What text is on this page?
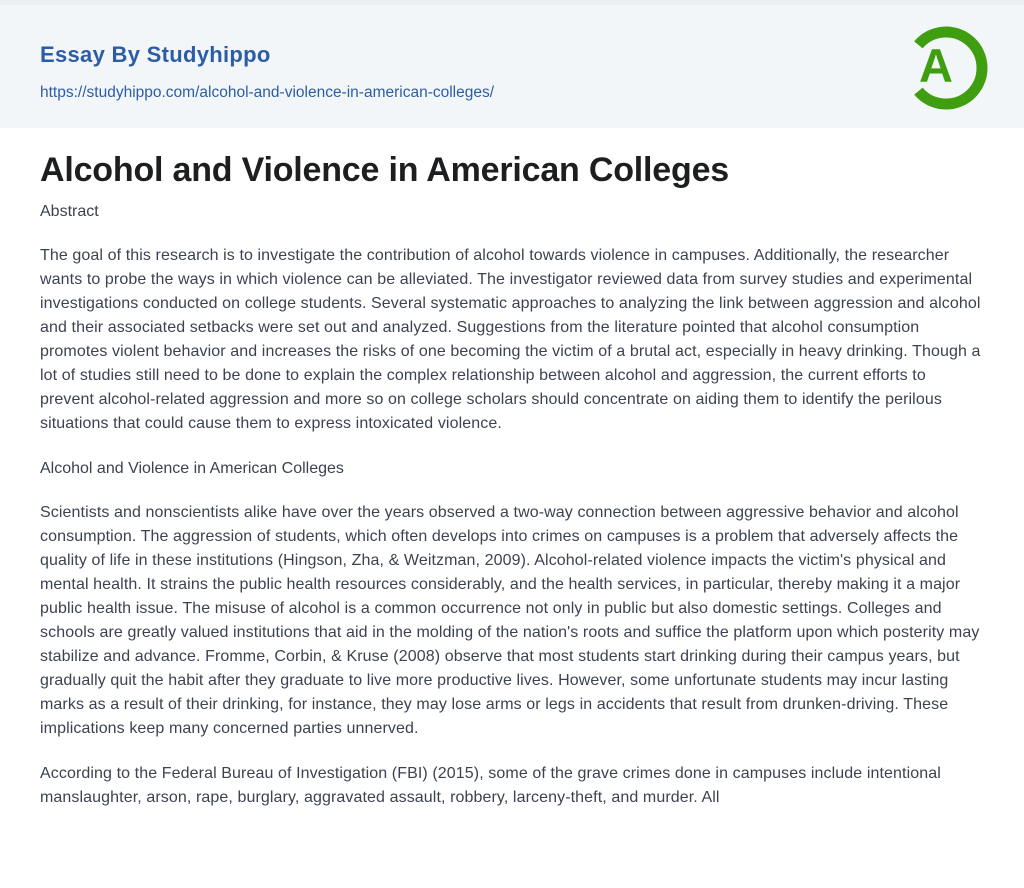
Essay By Studyhippo
https://studyhippo.com/alcohol-and-violence-in-american-colleges/
A
Alcohol and Violence in American Colleges

Abstract

The goal of this research is to investigate the contribution of alcohol towards violence in campuses. Additionally, the researcher wants to probe the ways in which violence can be alleviated. The investigator reviewed data from survey studies and experimental investigations conducted on college students. Several systematic approaches to analyzing the link between aggression and alcohol and their associated setbacks were set out and analyzed. Suggestions from the literature pointed that alcohol consumption promotes violent behavior and increases the risks of one becoming the victim of a brutal act, especially in heavy drinking. Though a lot of studies still need to be done to explain the complex relationship between alcohol and aggression, the current efforts to prevent alcohol-related aggression and more so on college scholars should concentrate on aiding them to identify the perilous situations that could cause them to express intoxicated violence.

Alcohol and Violence in American Colleges

Scientists and nonscientists alike have over the years observed a two-way connection between aggressive behavior and alcohol consumption. The aggression of students, which often develops into crimes on campuses is a problem that adversely affects the quality of life in these institutions (Hingson, Zha, & Weitzman, 2009). Alcohol-related violence impacts the victim's physical and mental health. It strains the public health resources considerably, and the health services, in particular, thereby making it a major public health issue. The misuse of alcohol is a common occurrence not only in public but also domestic settings. Colleges and schools are greatly valued institutions that aid in the molding of the nation's roots and suffice the platform upon which posterity may stabilize and advance. Fromme, Corbin, & Kruse (2008) observe that most students start drinking during their campus years, but gradually quit the habit after they graduate to live more productive lives. However, some unfortunate students may incur lasting marks as a result of their drinking, for instance, they may lose arms or legs in accidents that result from drunken-driving. These implications keep many concerned parties unnerved.

According to the Federal Bureau of Investigation (FBI) (2015), some of the grave crimes done in campuses include intentional manslaughter, arson, rape, burglary, aggravated assault, robbery, larceny-theft, and murder. All
